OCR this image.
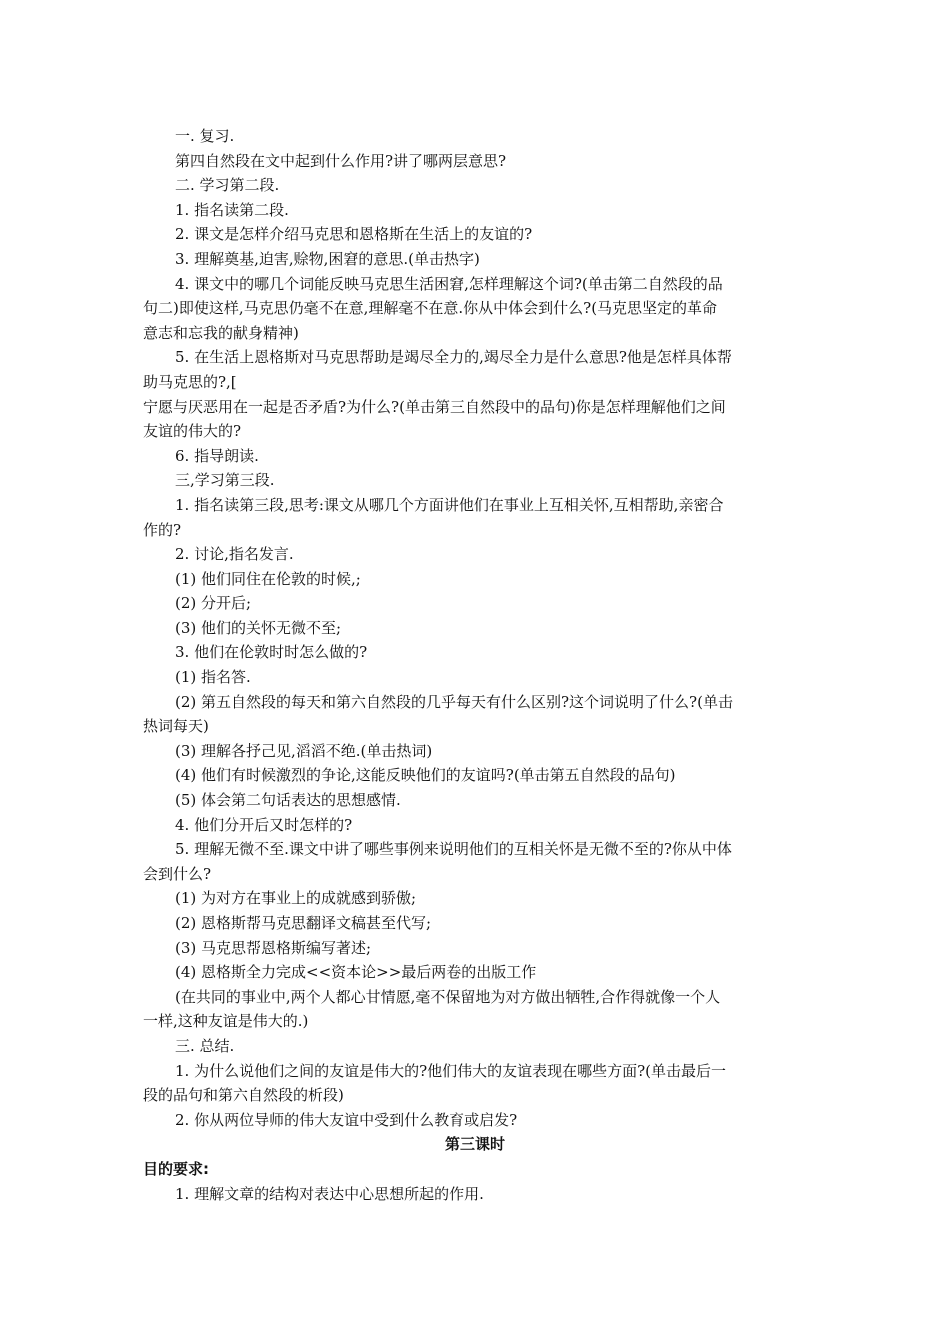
一. 复习.
第四自然段在文中起到什么作用?讲了哪两层意思?
二. 学习第二段.
1. 指名读第二段.
2. 课文是怎样介绍马克思和恩格斯在生活上的友谊的?
3. 理解奠基,迫害,赊物,困窘的意思.(单击热字)
4. 课文中的哪几个词能反映马克思生活困窘,怎样理解这个词?(单击第二自然段的品
句二)即使这样,马克思仍毫不在意,理解毫不在意.你从中体会到什么?(马克思坚定的革命
意志和忘我的献身精神)
5. 在生活上恩格斯对马克思帮助是竭尽全力的,竭尽全力是什么意思?他是怎样具体帮
助马克思的?,[
宁愿与厌恶用在一起是否矛盾?为什么?(单击第三自然段中的品句)你是怎样理解他们之间
友谊的伟大的?
6. 指导朗读.
三,学习第三段.
1. 指名读第三段,思考:课文从哪几个方面讲他们在事业上互相关怀,互相帮助,亲密合
作的?
2. 讨论,指名发言.
(1) 他们同住在伦敦的时候,;
(2) 分开后;
(3) 他们的关怀无微不至;
3. 他们在伦敦时时怎么做的?
(1) 指名答.
(2) 第五自然段的每天和第六自然段的几乎每天有什么区别?这个词说明了什么?(单击
热词每天)
(3) 理解各抒己见,滔滔不绝.(单击热词)
(4) 他们有时候激烈的争论,这能反映他们的友谊吗?(单击第五自然段的品句)
(5) 体会第二句话表达的思想感情.
4. 他们分开后又时怎样的?
5. 理解无微不至.课文中讲了哪些事例来说明他们的互相关怀是无微不至的?你从中体
会到什么?
(1) 为对方在事业上的成就感到骄傲;
(2) 恩格斯帮马克思翻译文稿甚至代写;
(3) 马克思帮恩格斯编写著述;
(4) 恩格斯全力完成<<资本论>>最后两卷的出版工作
(在共同的事业中,两个人都心甘情愿,毫不保留地为对方做出牺牲,合作得就像一个人
一样,这种友谊是伟大的.)
三. 总结.
1. 为什么说他们之间的友谊是伟大的?他们伟大的友谊表现在哪些方面?(单击最后一
段的品句和第六自然段的析段)
2. 你从两位导师的伟大友谊中受到什么教育或启发?
第三课时
目的要求:
1. 理解文章的结构对表达中心思想所起的作用.
